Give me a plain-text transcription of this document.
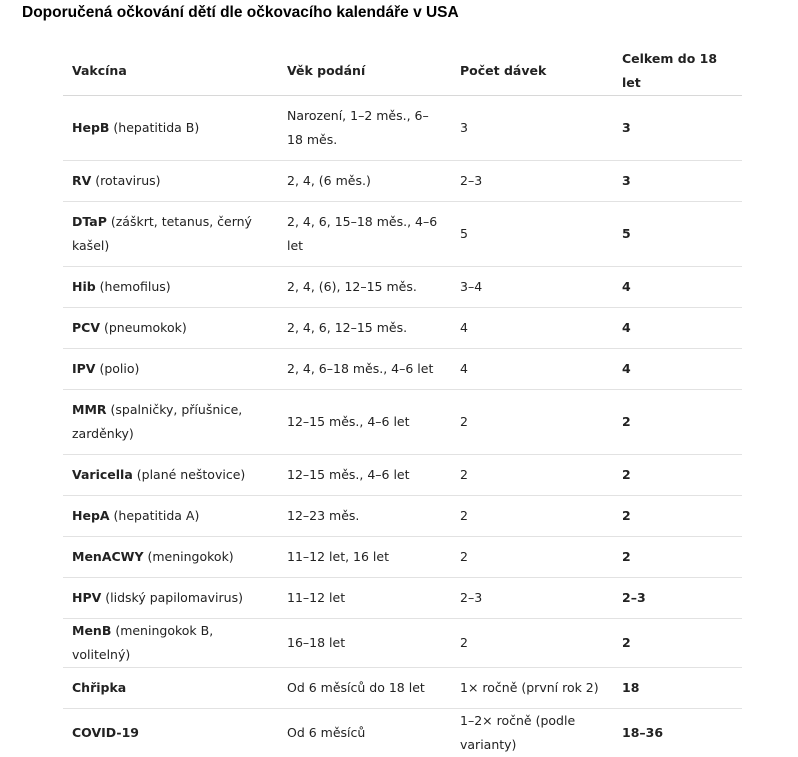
Doporučená očkování dětí dle očkovacího kalendáře v USA
Vakcína	Věk podání	Počet dávek	Celkem do 18 let
HepB (hepatitida B)	Narození, 1–2 měs., 6–18 měs.	3	3
RV (rotavirus)	2, 4, (6 měs.)	2–3	3
DTaP (záškrt, tetanus, černý kašel)	2, 4, 6, 15–18 měs., 4–6 let	5	5
Hib (hemofilus)	2, 4, (6), 12–15 měs.	3–4	4
PCV (pneumokok)	2, 4, 6, 12–15 měs.	4	4
IPV (polio)	2, 4, 6–18 měs., 4–6 let	4	4
MMR (spalničky, příušnice, zarděnky)	12–15 měs., 4–6 let	2	2
Varicella (plané neštovice)	12–15 měs., 4–6 let	2	2
HepA (hepatitida A)	12–23 měs.	2	2
MenACWY (meningokok)	11–12 let, 16 let	2	2
HPV (lidský papilomavirus)	11–12 let	2–3	2–3
MenB (meningokok B, volitelný)	16–18 let	2	2
Chřipka	Od 6 měsíců do 18 let	1× ročně (první rok 2)	18
COVID-19	Od 6 měsíců	1–2× ročně (podle varianty)	18–36
